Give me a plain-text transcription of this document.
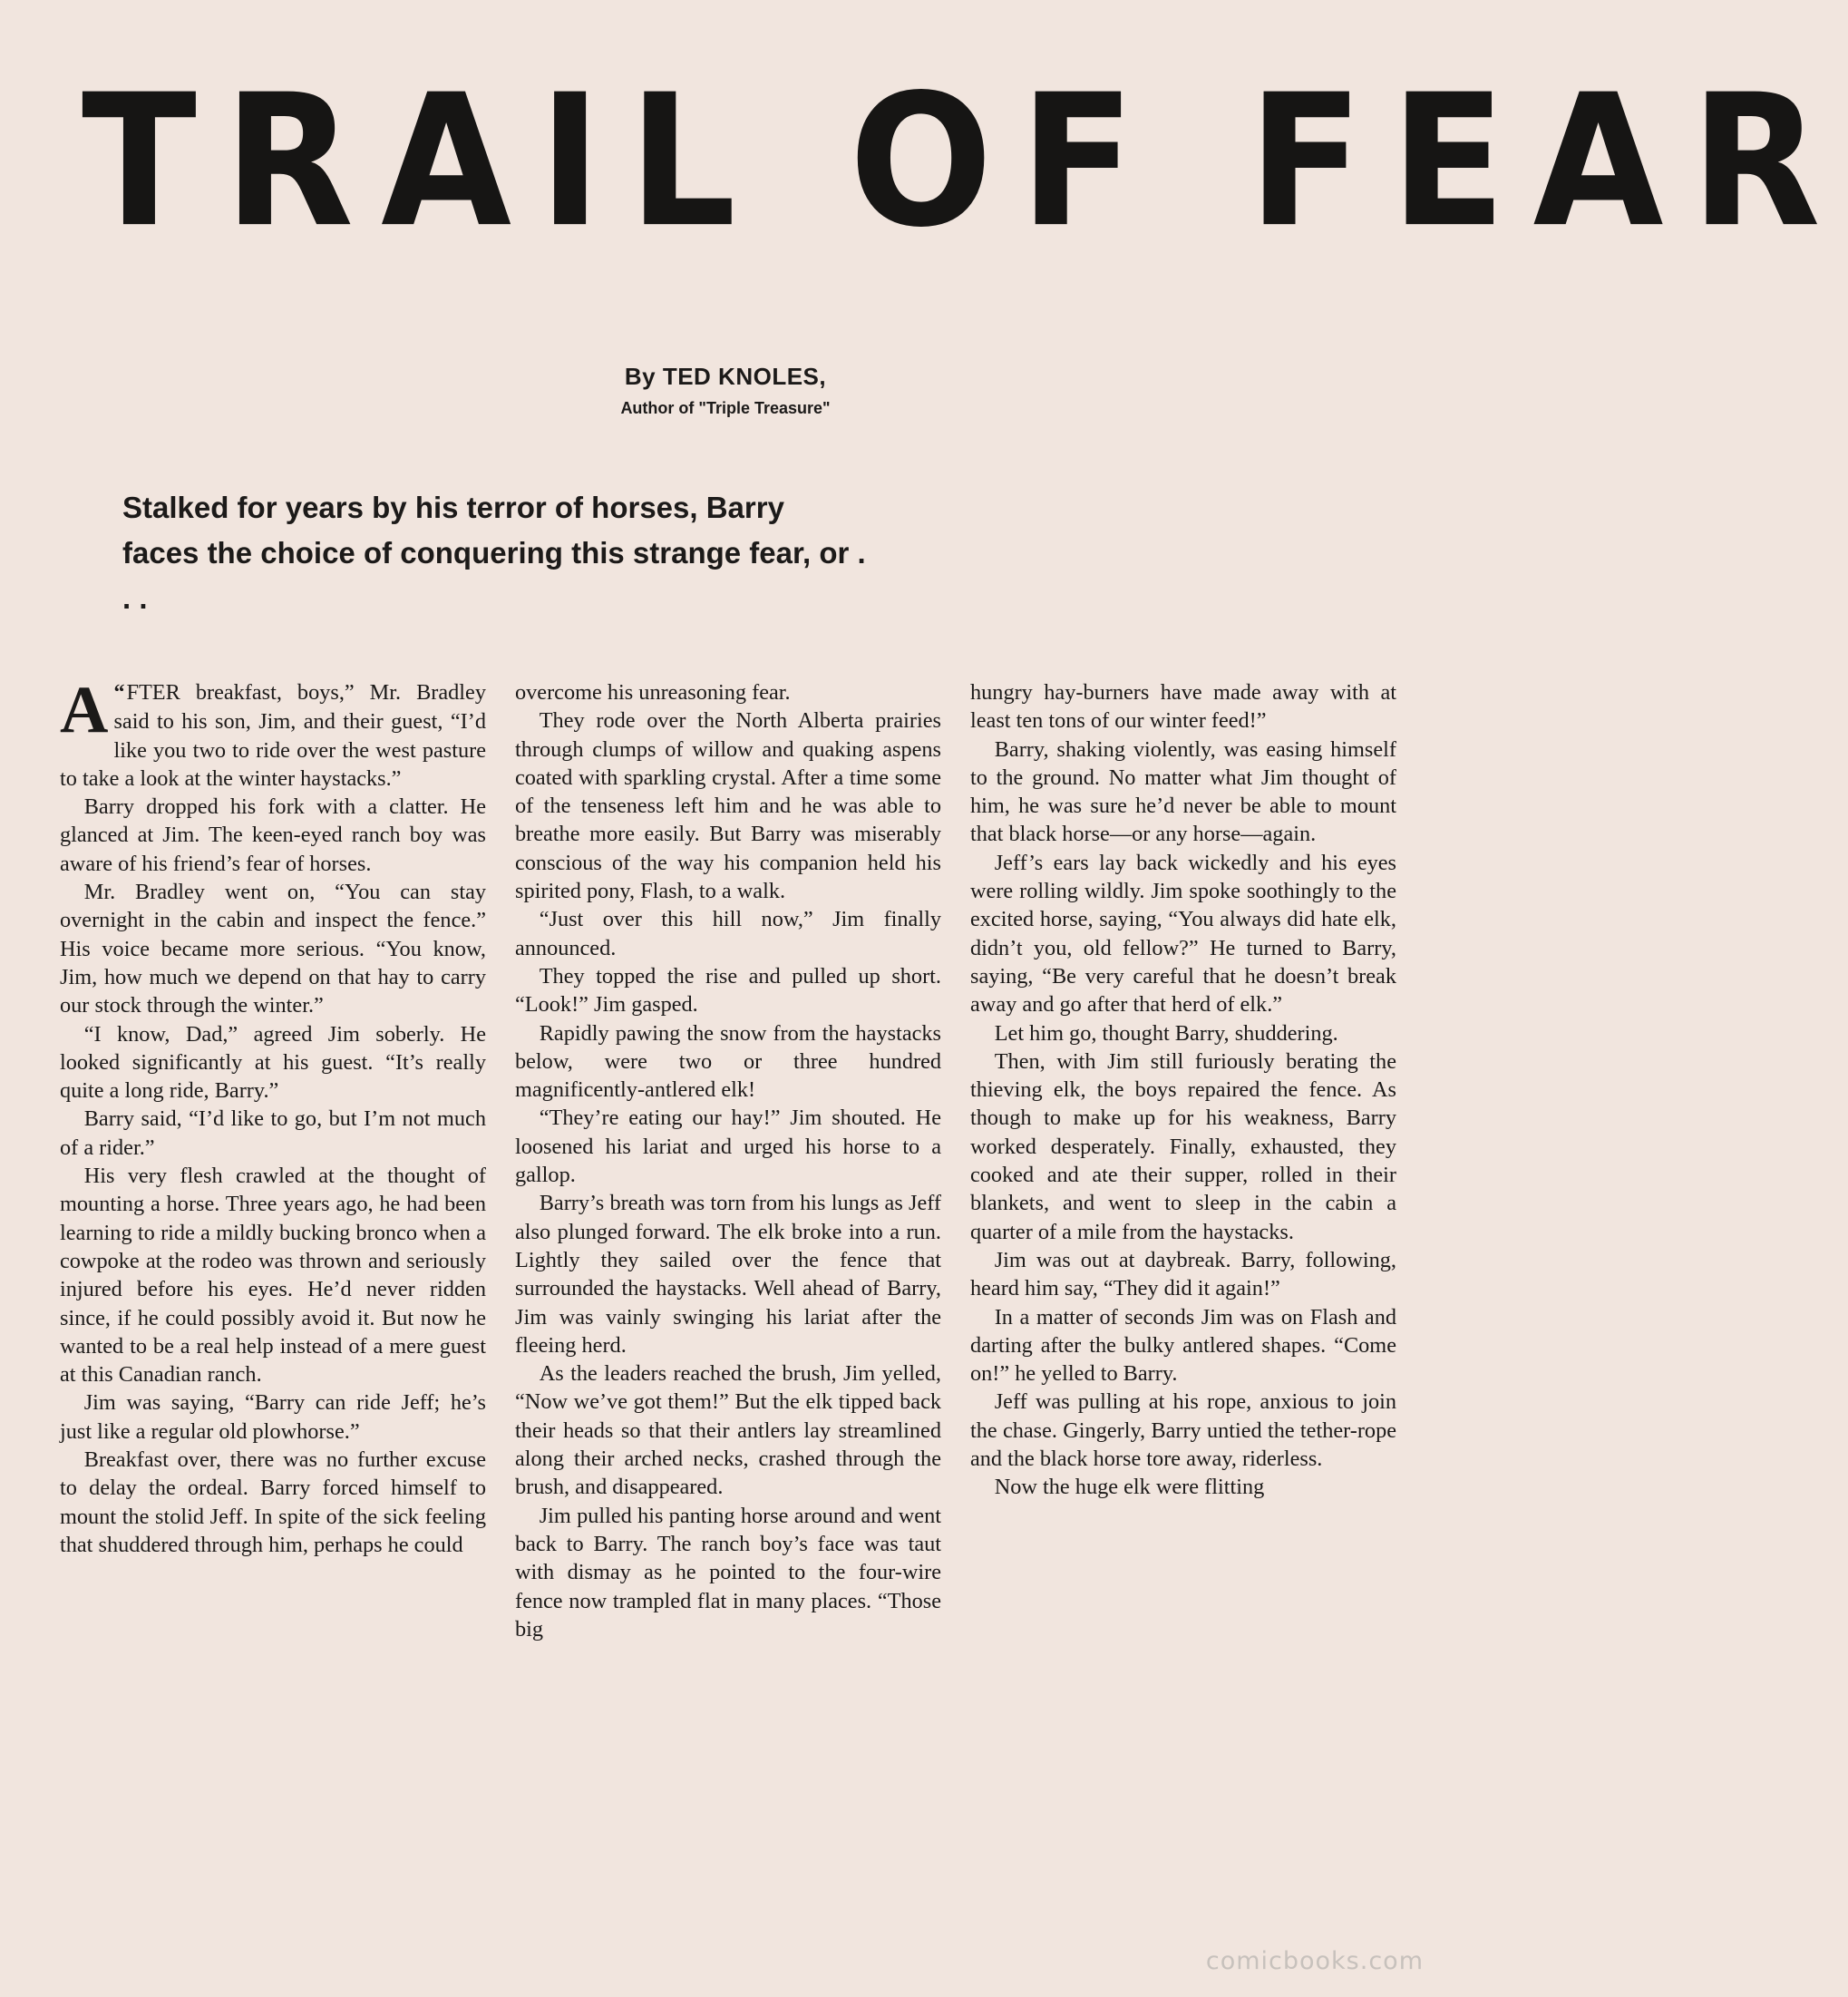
TRAIL OF FEAR
By TED KNOLES,
Author of "Triple Treasure"
Stalked for years by his terror of horses, Barry faces the choice of conquering this strange fear, or . . .

“
A FTER breakfast, boys,” Mr. Bradley said to his son, Jim, and their guest, “I’d like you two to ride over the west pasture to take a look at the winter haystacks.”

Barry dropped his fork with a clatter. He glanced at Jim. The keen-eyed ranch boy was aware of his friend’s fear of horses.

Mr. Bradley went on, “You can stay overnight in the cabin and inspect the fence.” His voice became more serious. “You know, Jim, how much we depend on that hay to carry our stock through the winter.”

“I know, Dad,” agreed Jim soberly. He looked significantly at his guest. “It’s really quite a long ride, Barry.”

Barry said, “I’d like to go, but I’m not much of a rider.”

His very flesh crawled at the thought of mounting a horse. Three years ago, he had been learning to ride a mildly bucking bronco when a cowpoke at the rodeo was thrown and seriously injured before his eyes. He’d never ridden since, if he could possibly avoid it. But now he wanted to be a real help instead of a mere guest at this Canadian ranch.

Jim was saying, “Barry can ride Jeff; he’s just like a regular old plowhorse.”

Breakfast over, there was no further excuse to delay the ordeal. Barry forced himself to mount the stolid Jeff. In spite of the sick feeling that shuddered through him, perhaps he could

overcome his unreasoning fear.

They rode over the North Alberta prairies through clumps of willow and quaking aspens coated with sparkling crystal. After a time some of the tenseness left him and he was able to breathe more easily. But Barry was miserably conscious of the way his companion held his spirited pony, Flash, to a walk.

“Just over this hill now,” Jim finally announced.

They topped the rise and pulled up short. “Look!” Jim gasped.

Rapidly pawing the snow from the haystacks below, were two or three hundred magnificently-antlered elk!

“They’re eating our hay!” Jim shouted. He loosened his lariat and urged his horse to a gallop.

Barry’s breath was torn from his lungs as Jeff also plunged forward. The elk broke into a run. Lightly they sailed over the fence that surrounded the haystacks. Well ahead of Barry, Jim was vainly swinging his lariat after the fleeing herd.

As the leaders reached the brush, Jim yelled, “Now we’ve got them!” But the elk tipped back their heads so that their antlers lay streamlined along their arched necks, crashed through the brush, and disappeared.

Jim pulled his panting horse around and went back to Barry. The ranch boy’s face was taut with dismay as he pointed to the four-wire fence now trampled flat in many places. “Those big

hungry hay-burners have made away with at least ten tons of our winter feed!”

Barry, shaking violently, was easing himself to the ground. No matter what Jim thought of him, he was sure he’d never be able to mount that black horse—or any horse—again.

Jeff’s ears lay back wickedly and his eyes were rolling wildly. Jim spoke soothingly to the excited horse, saying, “You always did hate elk, didn’t you, old fellow?” He turned to Barry, saying, “Be very careful that he doesn’t break away and go after that herd of elk.”

Let him go, thought Barry, shuddering.

Then, with Jim still furiously berating the thieving elk, the boys repaired the fence. As though to make up for his weakness, Barry worked desperately. Finally, exhausted, they cooked and ate their supper, rolled in their blankets, and went to sleep in the cabin a quarter of a mile from the haystacks.

Jim was out at daybreak. Barry, following, heard him say, “They did it again!”

In a matter of seconds Jim was on Flash and darting after the bulky antlered shapes. “Come on!” he yelled to Barry.

Jeff was pulling at his rope, anxious to join the chase. Gingerly, Barry untied the tether-rope and the black horse tore away, riderless.

Now the huge elk were flitting

comicbooks.com
